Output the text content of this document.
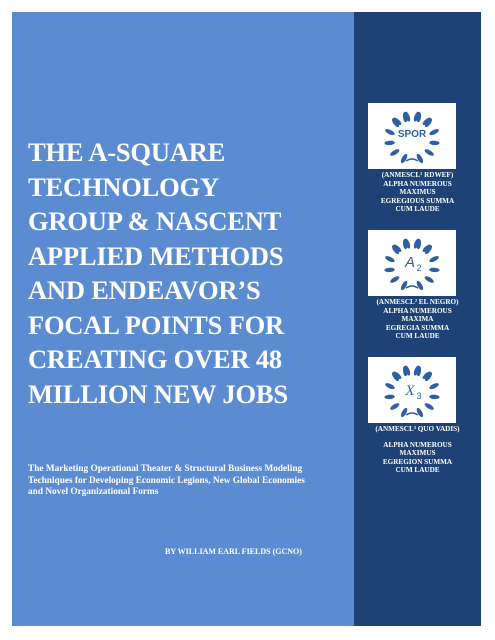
THE A-SQUARE
TECHNOLOGY
GROUP & NASCENT
APPLIED METHODS
AND ENDEAVOR’S
FOCAL POINTS FOR
CREATING OVER 48
MILLION NEW JOBS
The Marketing Operational Theater & Structural Business Modeling
Techniques for Developing Economic Legions, New Global Economies
and Novel Organizational Forms
BY WILLIAM EARL FIELDS (GCNO)
SPOR
(ANMESCL¹ RDWEF)
ALPHA NUMEROUS
MAXIMUS
EGREGIOUS SUMMA
CUM LAUDE
A 2
(ANMESCL² EL NEGRO)
ALPHA NUMEROUS
MAXIMA
EGREGIA SUMMA
CUM LAUDE
X 3
(ANMESCL³ QUO VADIS)
ALPHA NUMEROUS
MAXIMUS
EGREGION SUMMA
CUM LAUDE
